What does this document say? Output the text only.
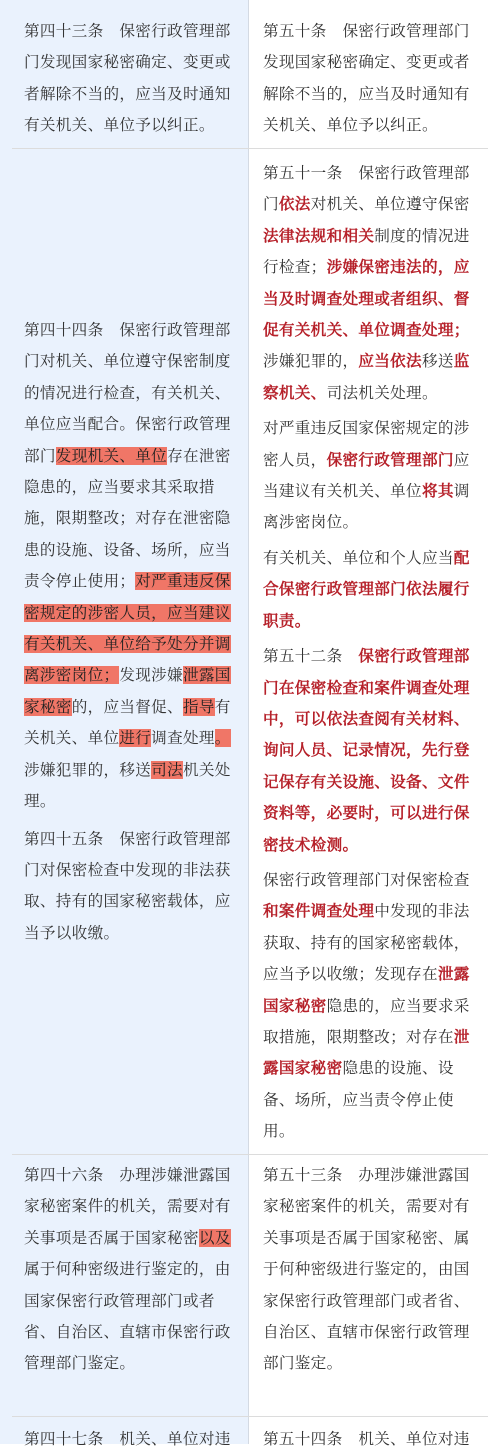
第四十三条　保密行政管理部门发现国家秘密确定、变更或者解除不当的，应当及时通知有关机关、单位予以纠正。

第五十条　保密行政管理部门发现国家秘密确定、变更或者解除不当的，应当及时通知有关机关、单位予以纠正。

第四十四条　保密行政管理部门对机关、单位遵守保密制度的情况进行检查，有关机关、单位应当配合。保密行政管理部门发现机关、单位存在泄密隐患的，应当要求其采取措施，限期整改；对存在泄密隐患的设施、设备、场所，应当责令停止使用；对严重违反保密规定的涉密人员，应当建议有关机关、单位给予处分并调离涉密岗位；发现涉嫌泄露国家秘密的，应当督促、指导有关机关、单位进行调查处理。涉嫌犯罪的，移送司法机关处理。

第四十五条　保密行政管理部门对保密检查中发现的非法获取、持有的国家秘密载体，应当予以收缴。

第五十一条　保密行政管理部门依法对机关、单位遵守保密法律法规和相关制度的情况进行检查；涉嫌保密违法的，应当及时调查处理或者组织、督促有关机关、单位调查处理；涉嫌犯罪的，应当依法移送监察机关、司法机关处理。

对严重违反国家保密规定的涉密人员，保密行政管理部门应当建议有关机关、单位将其调离涉密岗位。

有关机关、单位和个人应当配合保密行政管理部门依法履行职责。

第五十二条　保密行政管理部门在保密检查和案件调查处理中，可以依法查阅有关材料、询问人员、记录情况，先行登记保存有关设施、设备、文件资料等，必要时，可以进行保密技术检测。

保密行政管理部门对保密检查和案件调查处理中发现的非法获取、持有的国家秘密载体，应当予以收缴；发现存在泄露国家秘密隐患的，应当要求采取措施，限期整改；对存在泄露国家秘密隐患的设施、设备、场所，应当责令停止使用。

第四十六条　办理涉嫌泄露国家秘密案件的机关，需要对有关事项是否属于国家秘密以及属于何种密级进行鉴定的，由国家保密行政管理部门或者省、自治区、直辖市保密行政管理部门鉴定。

第五十三条　办理涉嫌泄露国家秘密案件的机关，需要对有关事项是否属于国家秘密、属于何种密级进行鉴定的，由国家保密行政管理部门或者省、自治区、直辖市保密行政管理部门鉴定。

第四十七条　机关、单位对违	第五十四条　机关、单位对违
